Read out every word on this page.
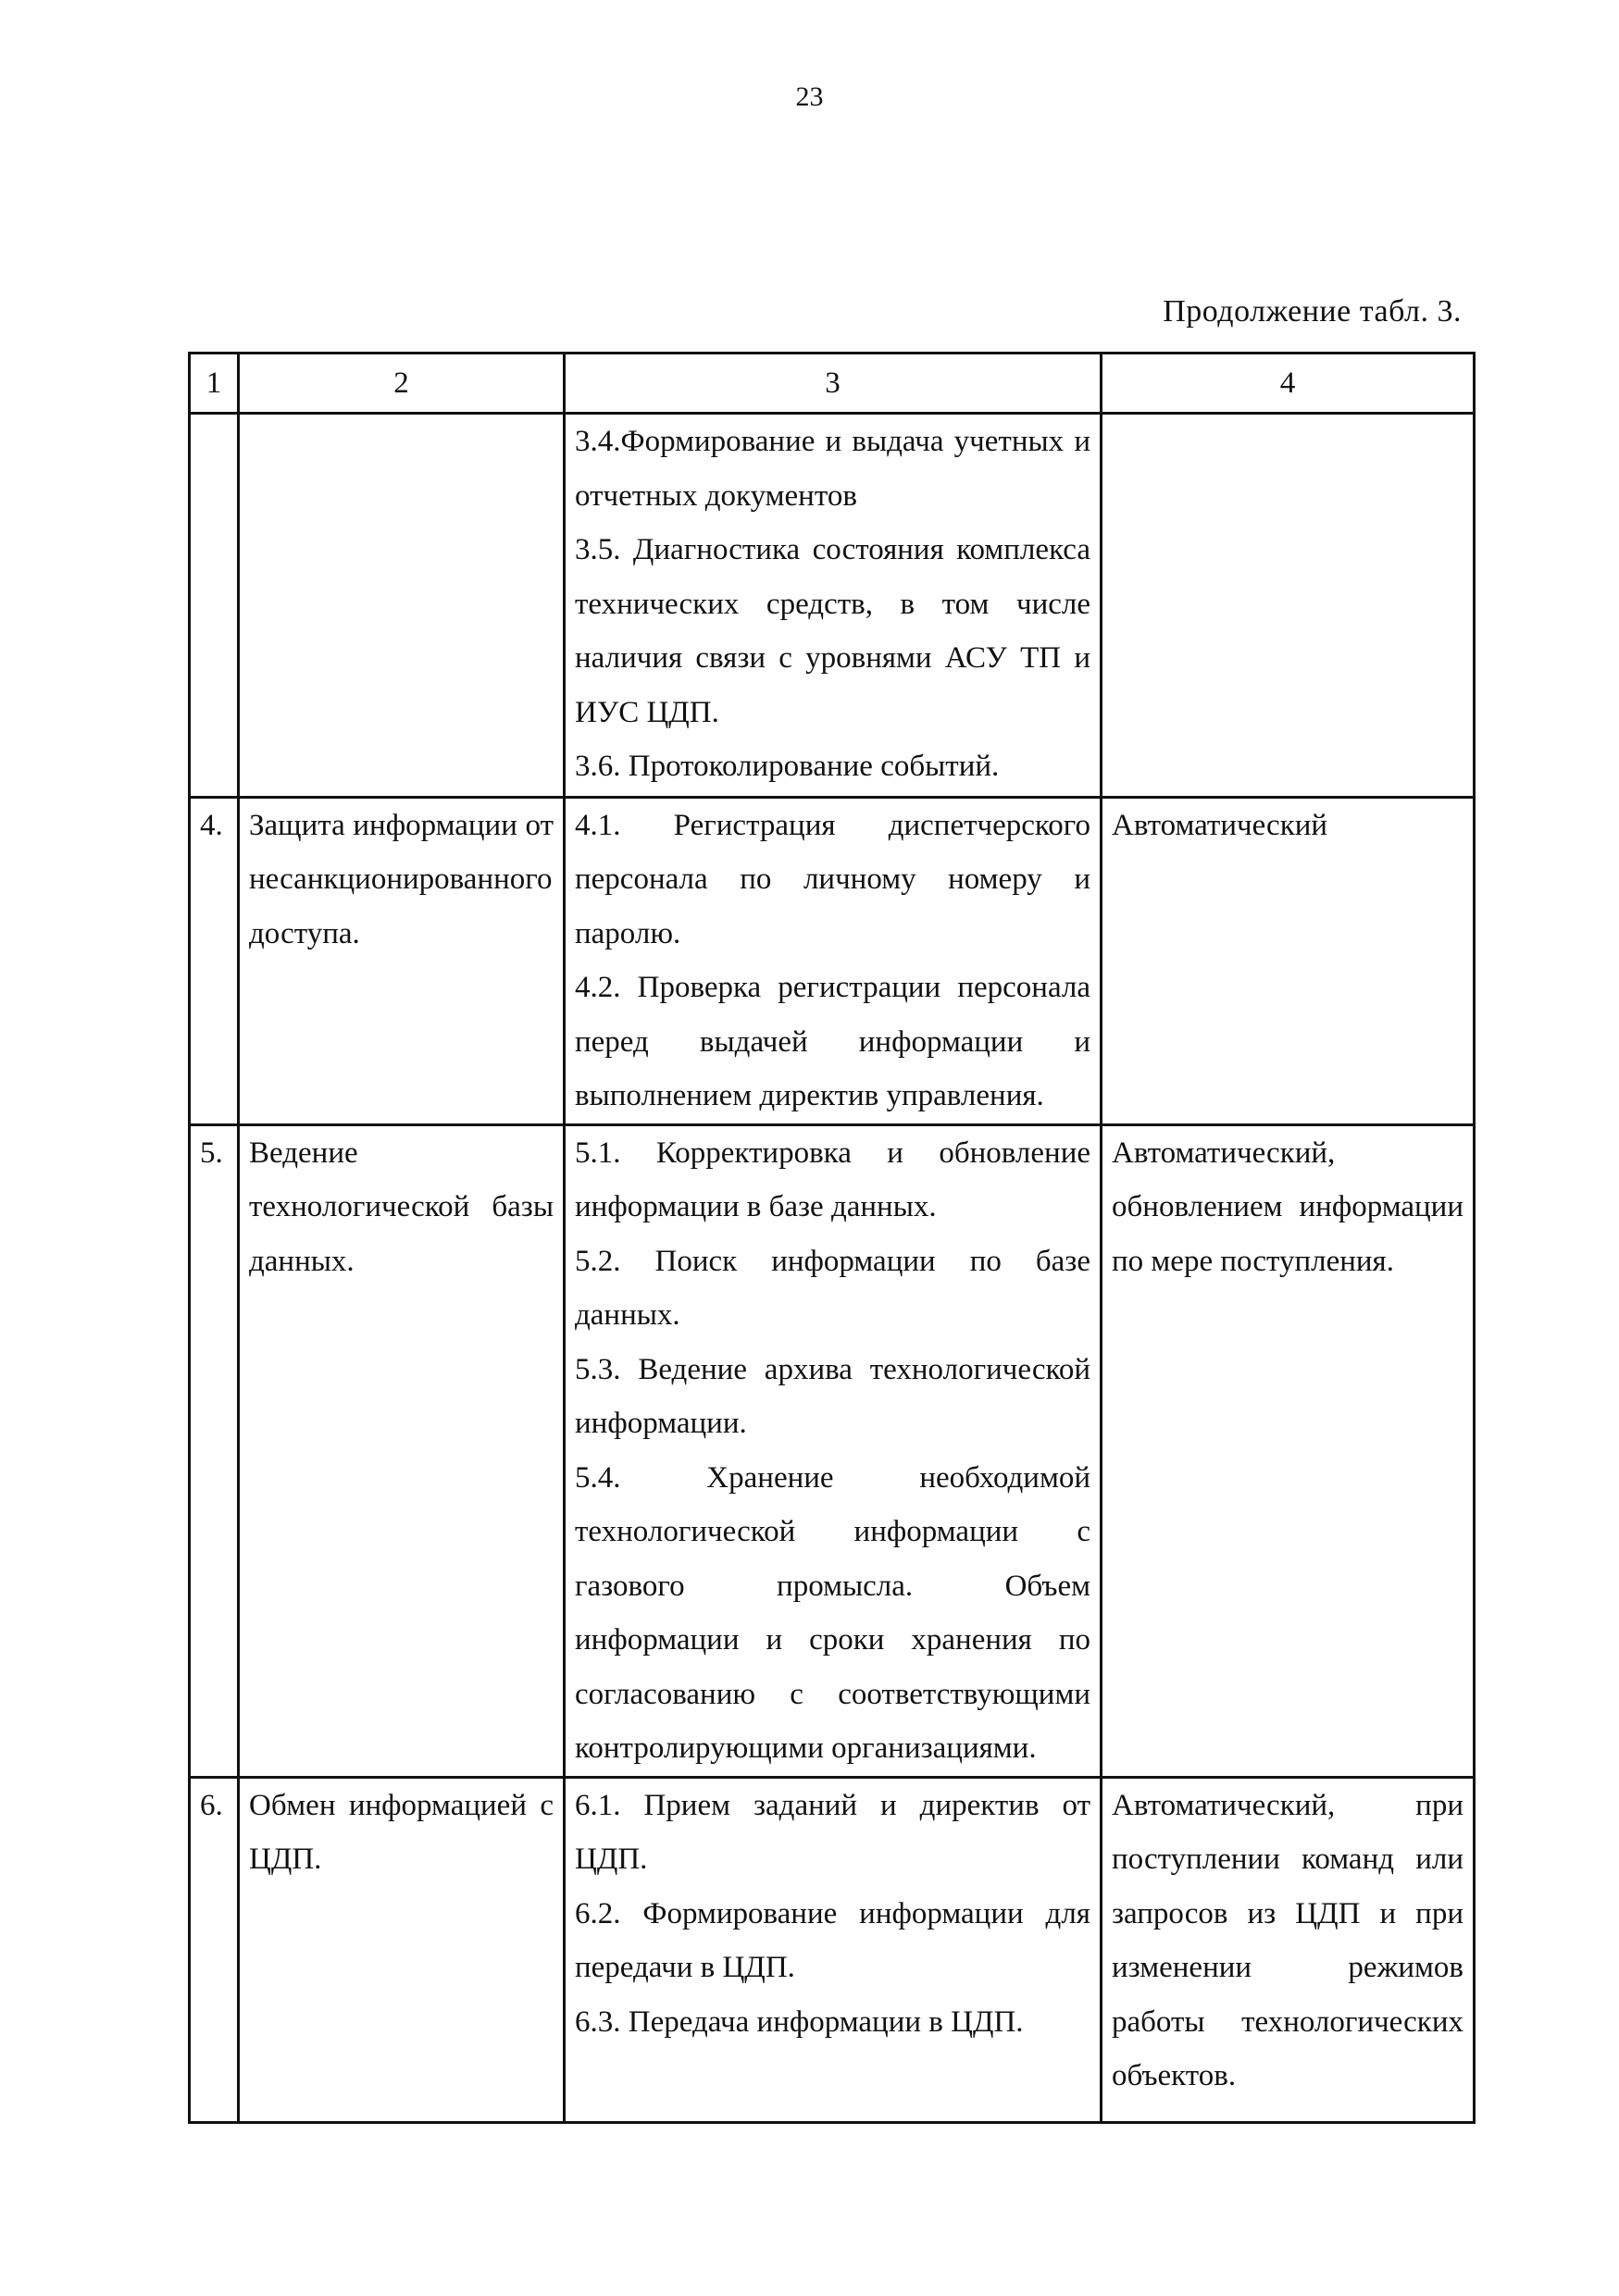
23
Продолжение табл. 3.
1	2	3	4

		3.4.Формирование и выдача учетных и отчетных документов
3.5. Диагностика состояния комплекса технических средств, в том числе наличия связи с уровнями АСУ ТП и ИУС ЦДП.
3.6. Протоколирование событий.	

4.	Защита информации от несанкционированного доступа.	4.1. Регистрация диспетчерского персонала по личному номеру и паролю.
4.2. Проверка регистрации персонала перед выдачей информации и выполнением директив управления.	Автоматический

5.	Ведение технологической базы данных.	5.1. Корректировка и обновление информации в базе данных.
5.2. Поиск информации по базе данных.
5.3. Ведение архива технологической информации.
5.4. Хранение необходимой технологической информации с газового промысла. Объем информации и сроки хранения по согласованию с соответствующими контролирующими организациями.	Автоматический, обновлением информации по мере поступления.

6.	Обмен информацией с ЦДП.	6.1. Прием заданий и директив от ЦДП.
6.2. Формирование информации для передачи в ЦДП.
6.3. Передача информации в ЦДП.	Автоматический, при поступлении команд или запросов из ЦДП и при изменении режимов работы технологических объектов.
